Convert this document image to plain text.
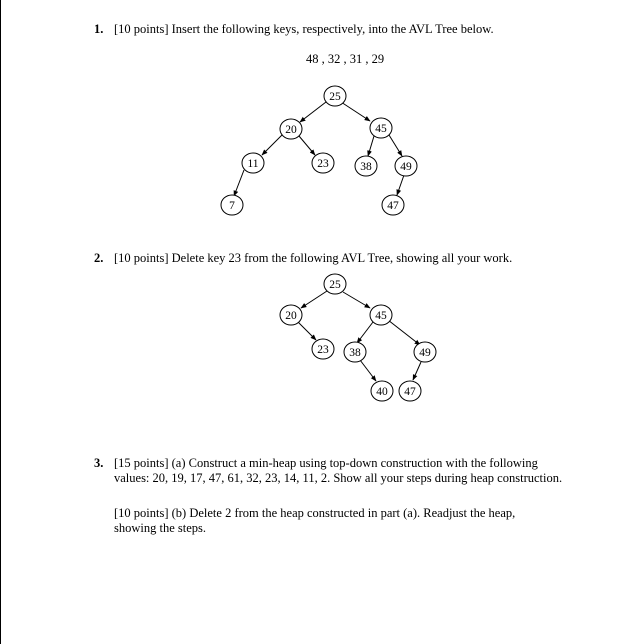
1. [10 points] Insert the following keys, respectively, into the AVL Tree below.
48 , 32 , 31 , 29
2. [10 points] Delete key 23 from the following AVL Tree, showing all your work.
3. [15 points] (a) Construct a min-heap using top-down construction with the following
values: 20, 19, 17, 47, 61, 32, 23, 14, 11, 2. Show all your steps during heap construction.
[10 points] (b) Delete 2 from the heap constructed in part (a). Readjust the heap,
showing the steps.
25
20	45
11	23	38 49
7	47
25
20	45
23 38	49
40 47
